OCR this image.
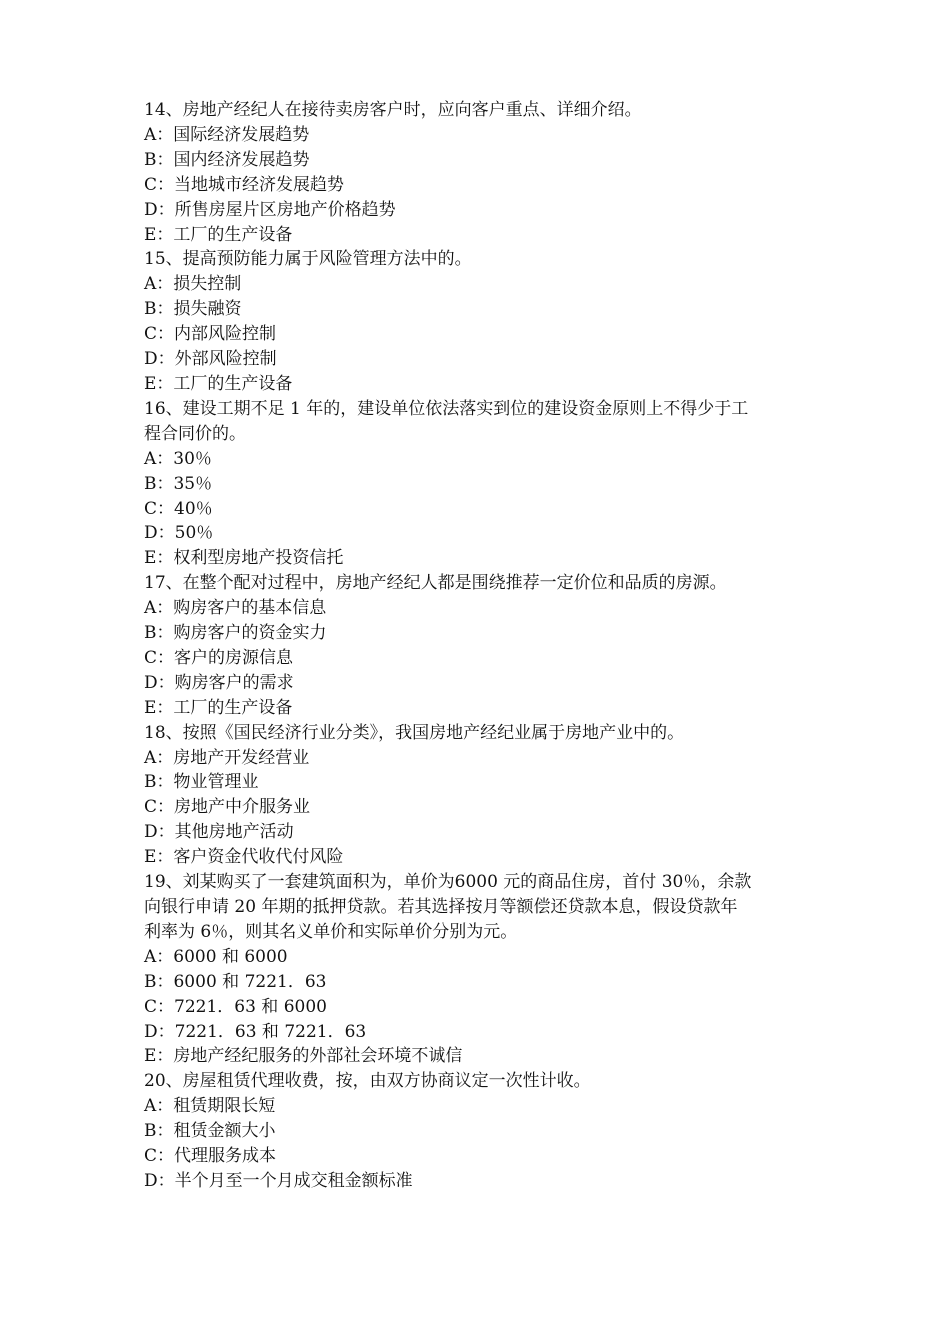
14、房地产经纪人在接待卖房客户时，应向客户重点、详细介绍。

A：国际经济发展趋势

B：国内经济发展趋势

C：当地城市经济发展趋势

D：所售房屋片区房地产价格趋势

E：工厂的生产设备

15、提高预防能力属于风险管理方法中的。

A：损失控制

B：损失融资

C：内部风险控制

D：外部风险控制

E：工厂的生产设备

16、建设工期不足 1 年的，建设单位依法落实到位的建设资金原则上不得少于工

程合同价的。

A：30％

B：35％

C：40％

D：50％

E：权利型房地产投资信托

17、在整个配对过程中，房地产经纪人都是围绕推荐一定价位和品质的房源。

A：购房客户的基本信息

B：购房客户的资金实力

C：客户的房源信息

D：购房客户的需求

E：工厂的生产设备

18、按照《国民经济行业分类》，我国房地产经纪业属于房地产业中的。

A：房地产开发经营业

B：物业管理业

C：房地产中介服务业

D：其他房地产活动

E：客户资金代收代付风险

19、刘某购买了一套建筑面积为，单价为6000 元的商品住房，首付 30％，余款

向银行申请 20 年期的抵押贷款。若其选择按月等额偿还贷款本息，假设贷款年

利率为 6％，则其名义单价和实际单价分别为元。

A：6000 和 6000

B：6000 和 7221．63

C：7221．63 和 6000

D：7221．63 和 7221．63

E：房地产经纪服务的外部社会环境不诚信

20、房屋租赁代理收费，按，由双方协商议定一次性计收。

A：租赁期限长短

B：租赁金额大小

C：代理服务成本

D：半个月至一个月成交租金额标准
